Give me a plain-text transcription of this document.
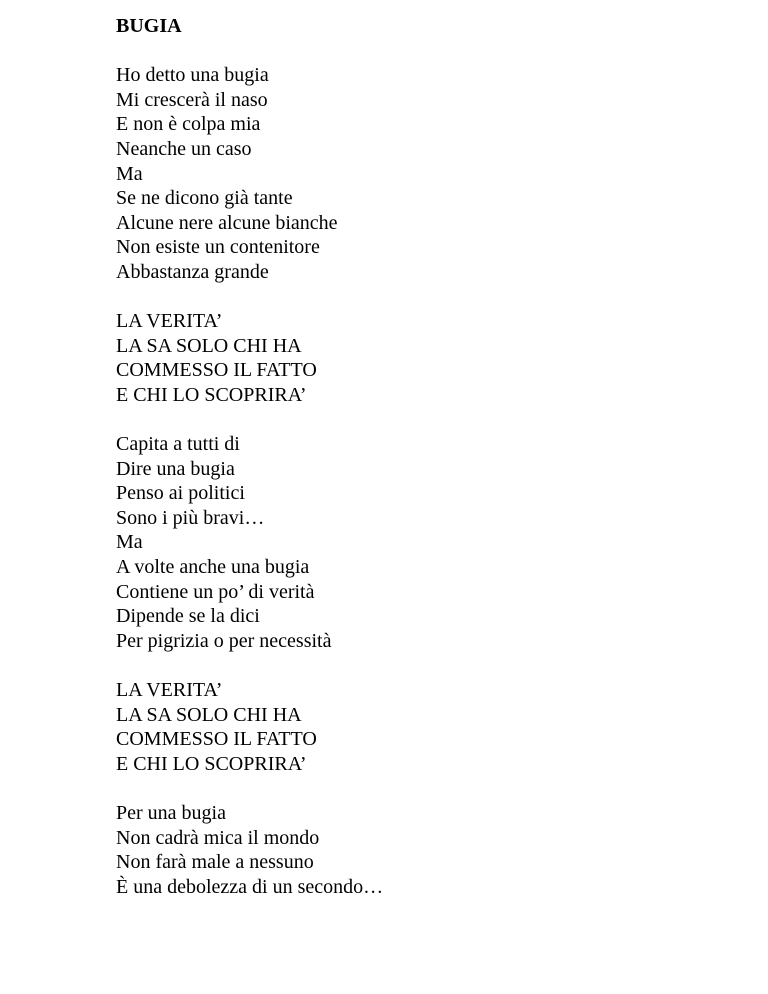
BUGIA
Ho detto una bugia
Mi crescerà il naso
E non è colpa mia
Neanche un caso
Ma
Se ne dicono già tante
Alcune nere alcune bianche
Non esiste un contenitore
Abbastanza grande
LA VERITA’
LA SA SOLO CHI HA
COMMESSO IL FATTO
E CHI LO SCOPRIRA’
Capita a tutti di
Dire una bugia
Penso ai politici
Sono i più bravi…
Ma
A volte anche una bugia
Contiene un po’ di verità
Dipende se la dici
Per pigrizia o per necessità
LA VERITA’
LA SA SOLO CHI HA
COMMESSO IL FATTO
E CHI LO SCOPRIRA’
Per una bugia
Non cadrà mica il mondo
Non farà male a nessuno
È una debolezza di un secondo…
